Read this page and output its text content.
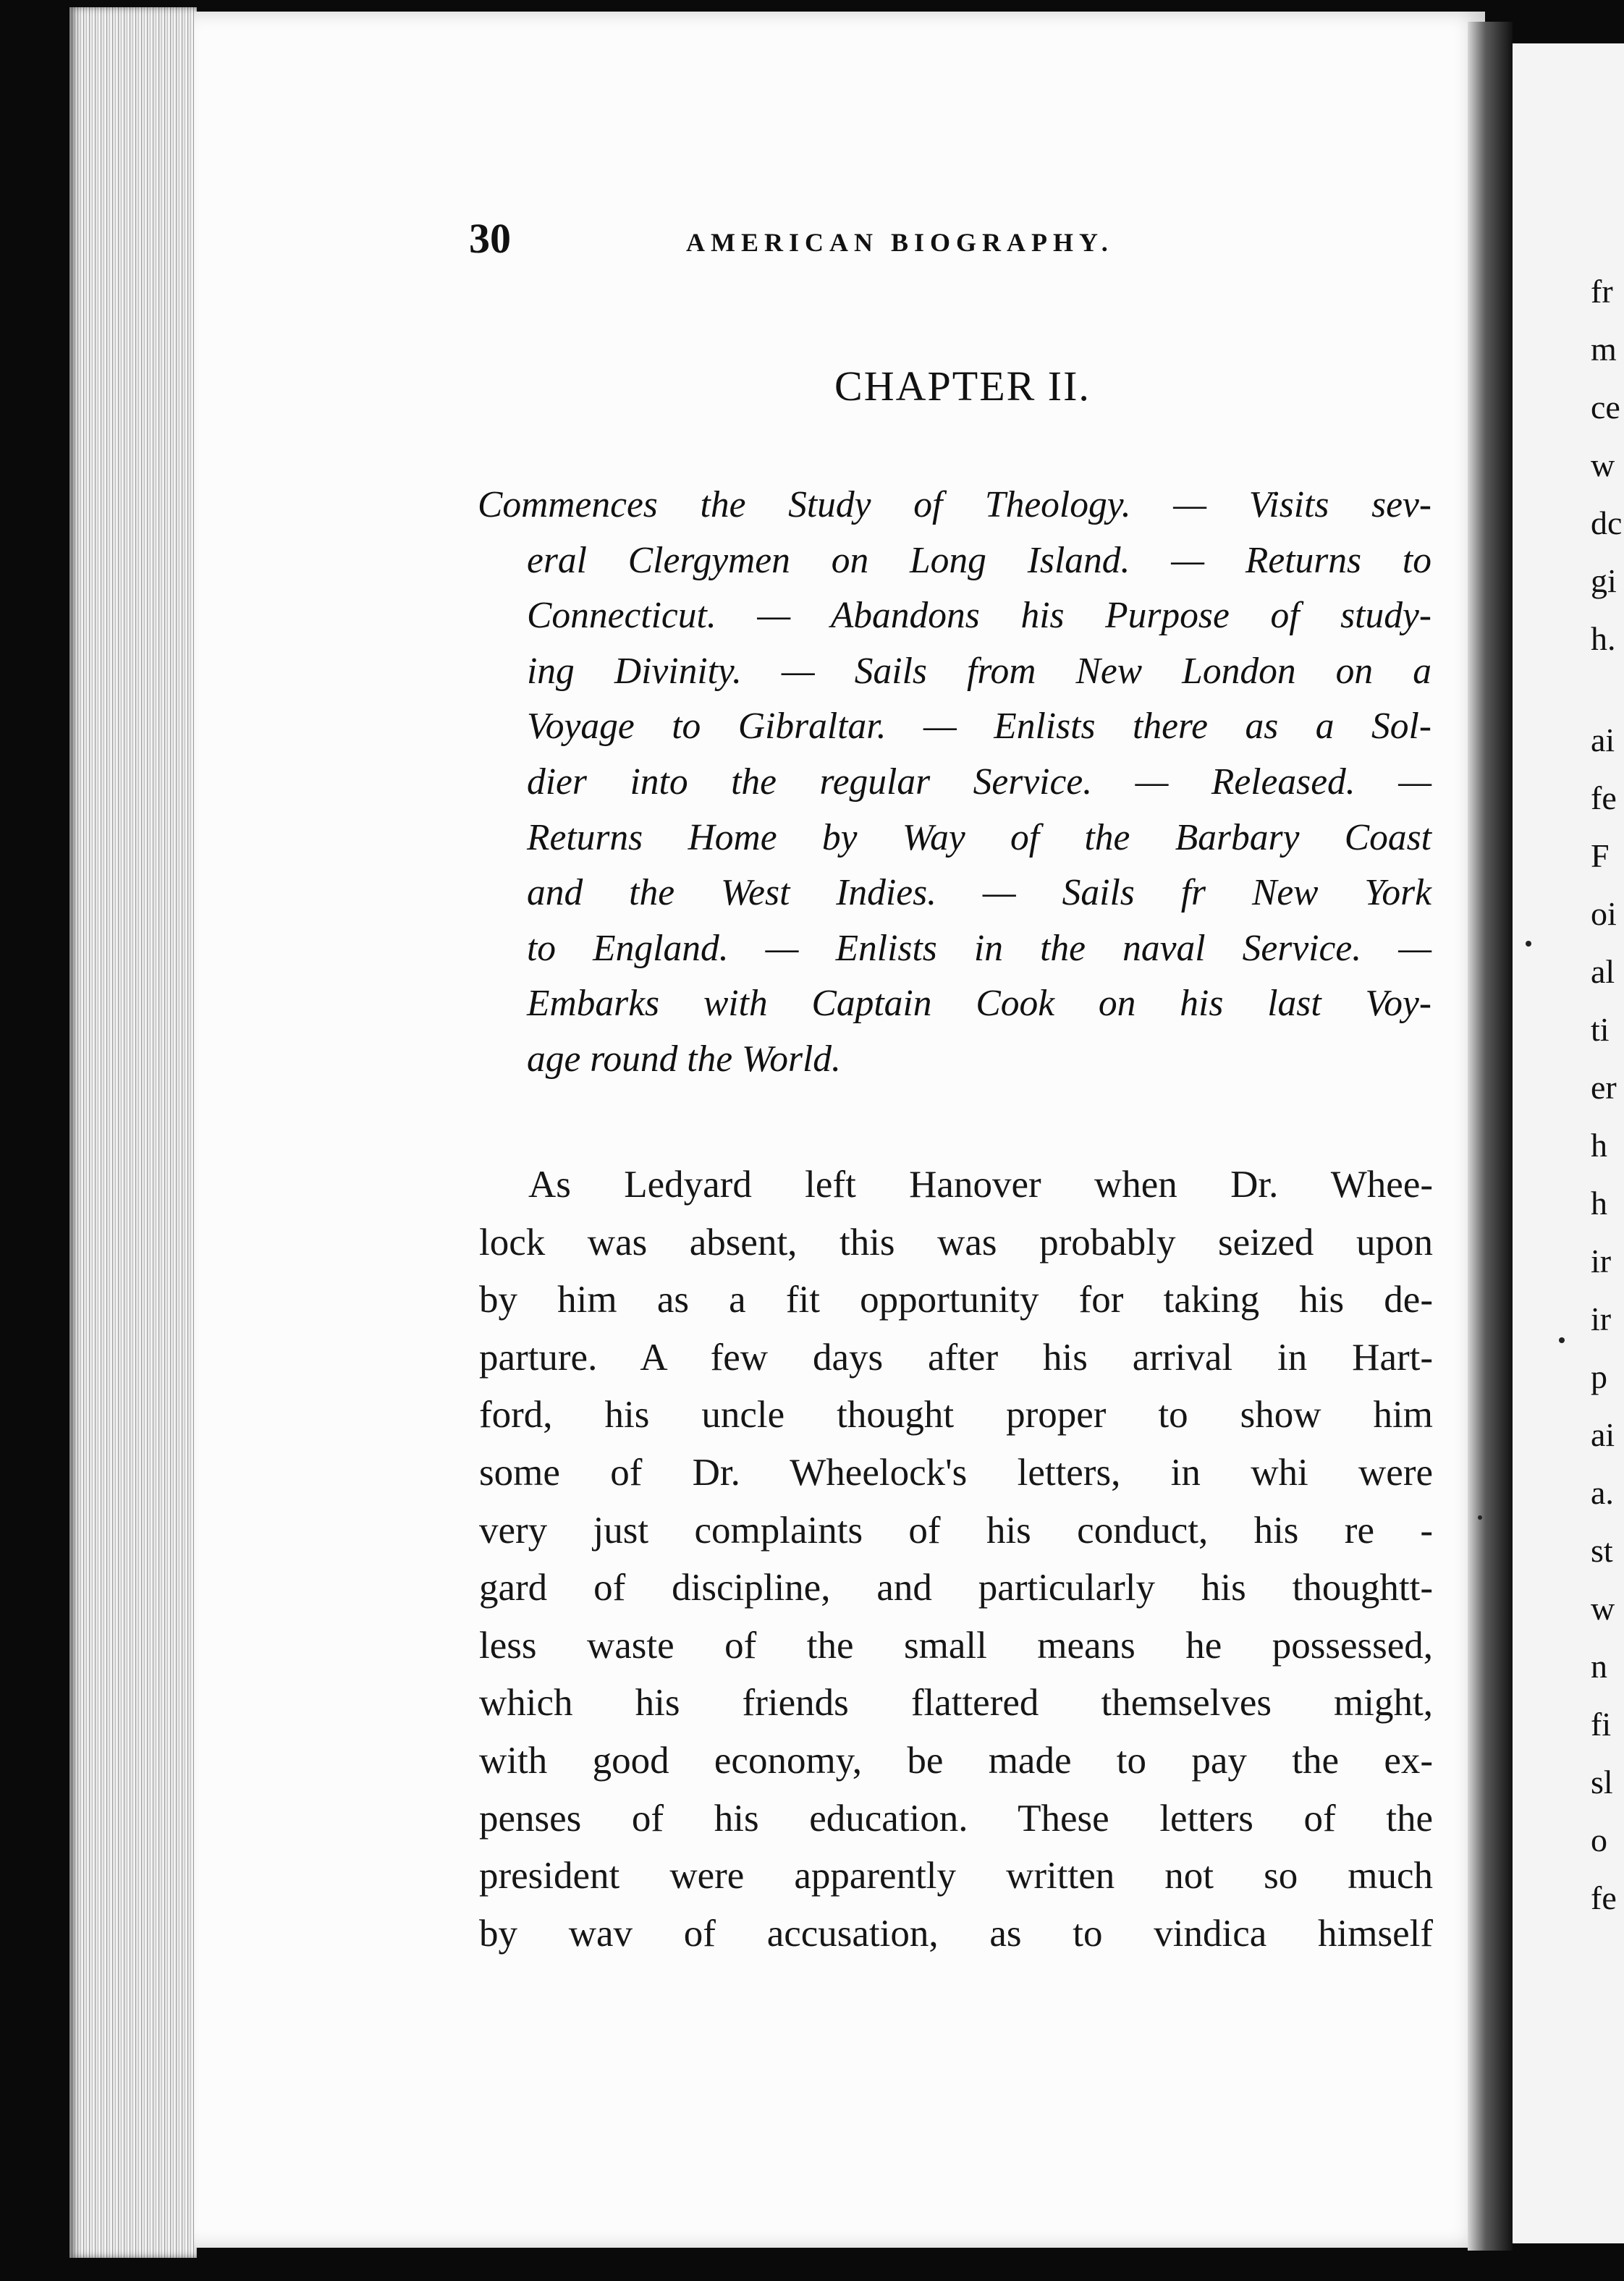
30	AMERICAN BIOGRAPHY.
CHAPTER II.
Commences the Study of Theology. — Visits sev-
eral Clergymen on Long Island. — Returns to
Connecticut. — Abandons his Purpose of study-
ing Divinity. — Sails from New London on a
Voyage to Gibraltar. — Enlists there as a Sol-
dier into the regular Service. — Released. —
Returns Home by Way of the Barbary Coast
and the West Indies. — Sails fr New York
to England. — Enlists in the naval Service. —
Embarks with Captain Cook on his last Voy-
age round the World.
As Ledyard left Hanover when Dr. Whee-
lock was absent, this was probably seized upon
by him as a fit opportunity for taking his de-
parture. A few days after his arrival in Hart-
ford, his uncle thought proper to show him
some of Dr. Wheelock's letters, in whi were
very just complaints of his conduct, his re -
gard of discipline, and particularly his thoughtt-
less waste of the small means he possessed,
which his friends flattered themselves might,
with good economy, be made to pay the ex-
penses of his education. These letters of the
president were apparently written not so much
by wav of accusation, as to vindica himself
fr
m
ce
w
dc
gi
h.
ai
fe
F
oi
al
ti
er
h
h
ir
ir
p
ai
a.
st
w
n
fi
sl
o
fe
